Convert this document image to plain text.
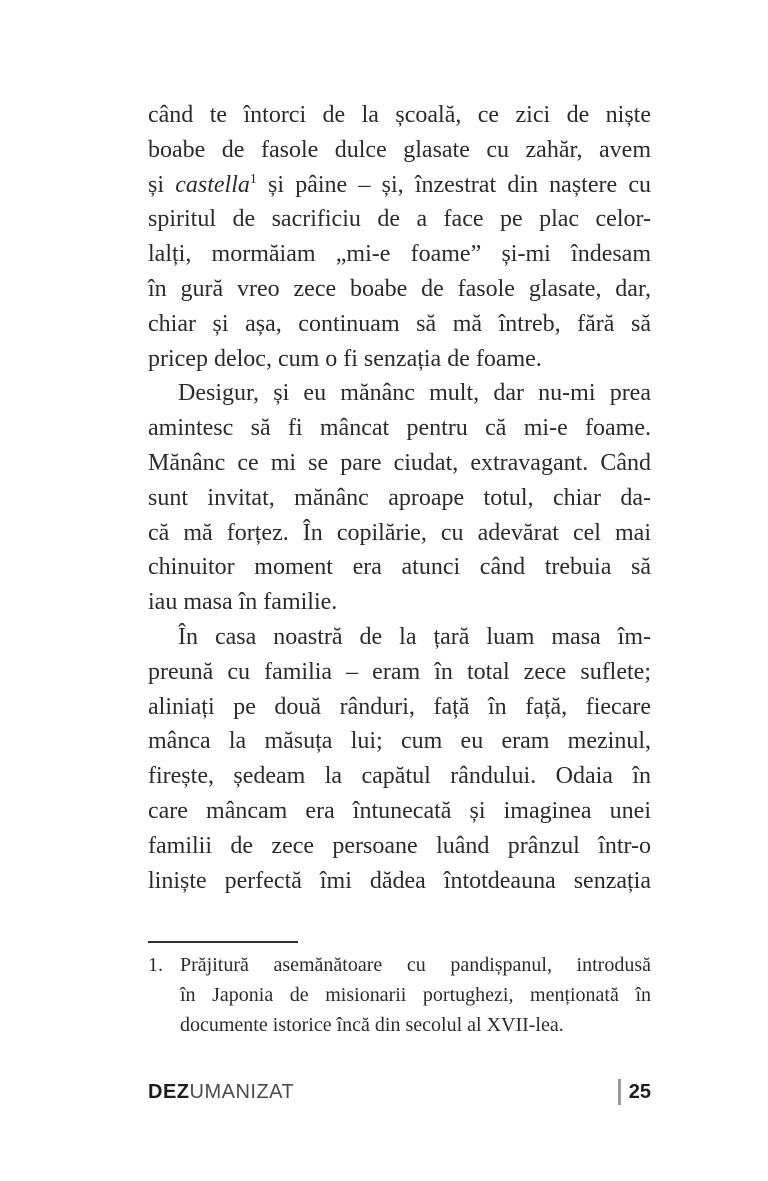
când te întorci de la școală, ce zici de niște
boabe de fasole dulce glasate cu zahăr, avem
și castella$^1$ și pâine – și, înzestrat din naștere cu
spiritul de sacrificiu de a face pe plac celor-
lalți, mormăiam „mi-e foame” și-mi îndesam
în gură vreo zece boabe de fasole glasate, dar,
chiar și așa, continuam să mă întreb, fără să
pricep deloc, cum o fi senzația de foame.
Desigur, și eu mănânc mult, dar nu-mi prea
amintesc să fi mâncat pentru că mi-e foame.
Mănânc ce mi se pare ciudat, extravagant. Când
sunt invitat, mănânc aproape totul, chiar da-
că mă forțez. În copilărie, cu adevărat cel mai
chinuitor moment era atunci când trebuia să
iau masa în familie.
În casa noastră de la țară luam masa îm-
preună cu familia – eram în total zece suflete;
aliniați pe două rânduri, față în față, fiecare
mânca la măsuța lui; cum eu eram mezinul,
firește, ședeam la capătul rândului. Odaia în
care mâncam era întunecată și imaginea unei
familii de zece persoane luând prânzul într-o
liniște perfectă îmi dădea întotdeauna senzația
1. Prăjitură asemănătoare cu pandișpanul, introdusă
în Japonia de misionarii portughezi, menționată în
documente istorice încă din secolul al XVII-lea.
DEZUMANIZAT	25
